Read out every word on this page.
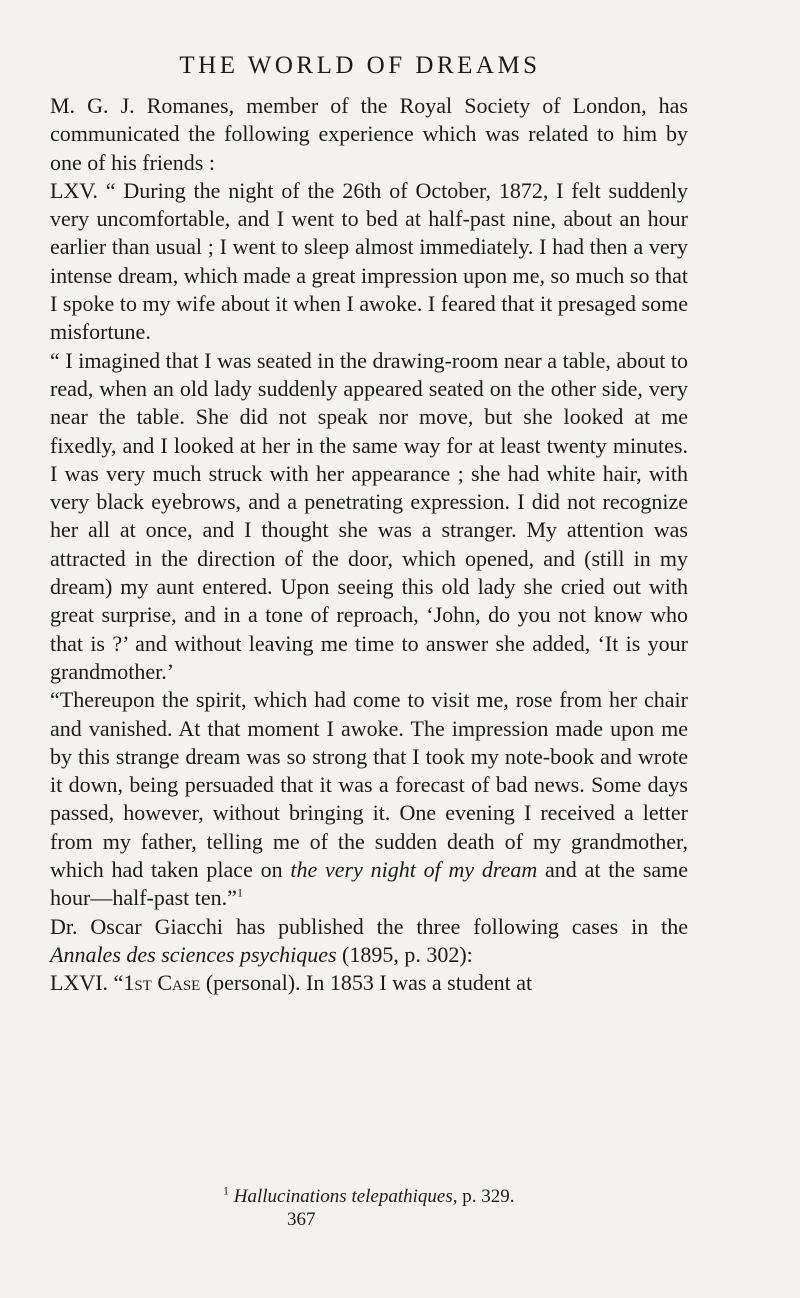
THE WORLD OF DREAMS

M. G. J. Romanes, member of the Royal Society of London, has communicated the following experience which was related to him by one of his friends :

LXV. “ During the night of the 26th of October, 1872, I felt suddenly very uncomfortable, and I went to bed at half-past nine, about an hour earlier than usual ; I went to sleep almost immediately. I had then a very intense dream, which made a great impression upon me, so much so that I spoke to my wife about it when I awoke. I feared that it presaged some misfortune.

“ I imagined that I was seated in the drawing-room near a table, about to read, when an old lady suddenly appeared seated on the other side, very near the table. She did not speak nor move, but she looked at me fixedly, and I looked at her in the same way for at least twenty minutes. I was very much struck with her appearance ; she had white hair, with very black eyebrows, and a penetrating expression. I did not recognize her all at once, and I thought she was a stranger. My attention was attracted in the direction of the door, which opened, and (still in my dream) my aunt entered. Upon seeing this old lady she cried out with great surprise, and in a tone of reproach, ‘John, do you not know who that is ?’ and without leaving me time to answer she added, ‘It is your grandmother.’

“Thereupon the spirit, which had come to visit me, rose from her chair and vanished. At that moment I awoke. The impression made upon me by this strange dream was so strong that I took my note-book and wrote it down, being persuaded that it was a forecast of bad news. Some days passed, however, without bringing it. One evening I received a letter from my father, telling me of the sudden death of my grandmother, which had taken place on the very night of my dream and at the same hour—half-past ten.”$^1$

Dr. Oscar Giacchi has published the three following cases in the Annales des sciences psychiques (1895, p. 302):

LXVI. “1st Case (personal). In 1853 I was a student at

$^1$ Hallucinations telepathiques, p. 329.
367
